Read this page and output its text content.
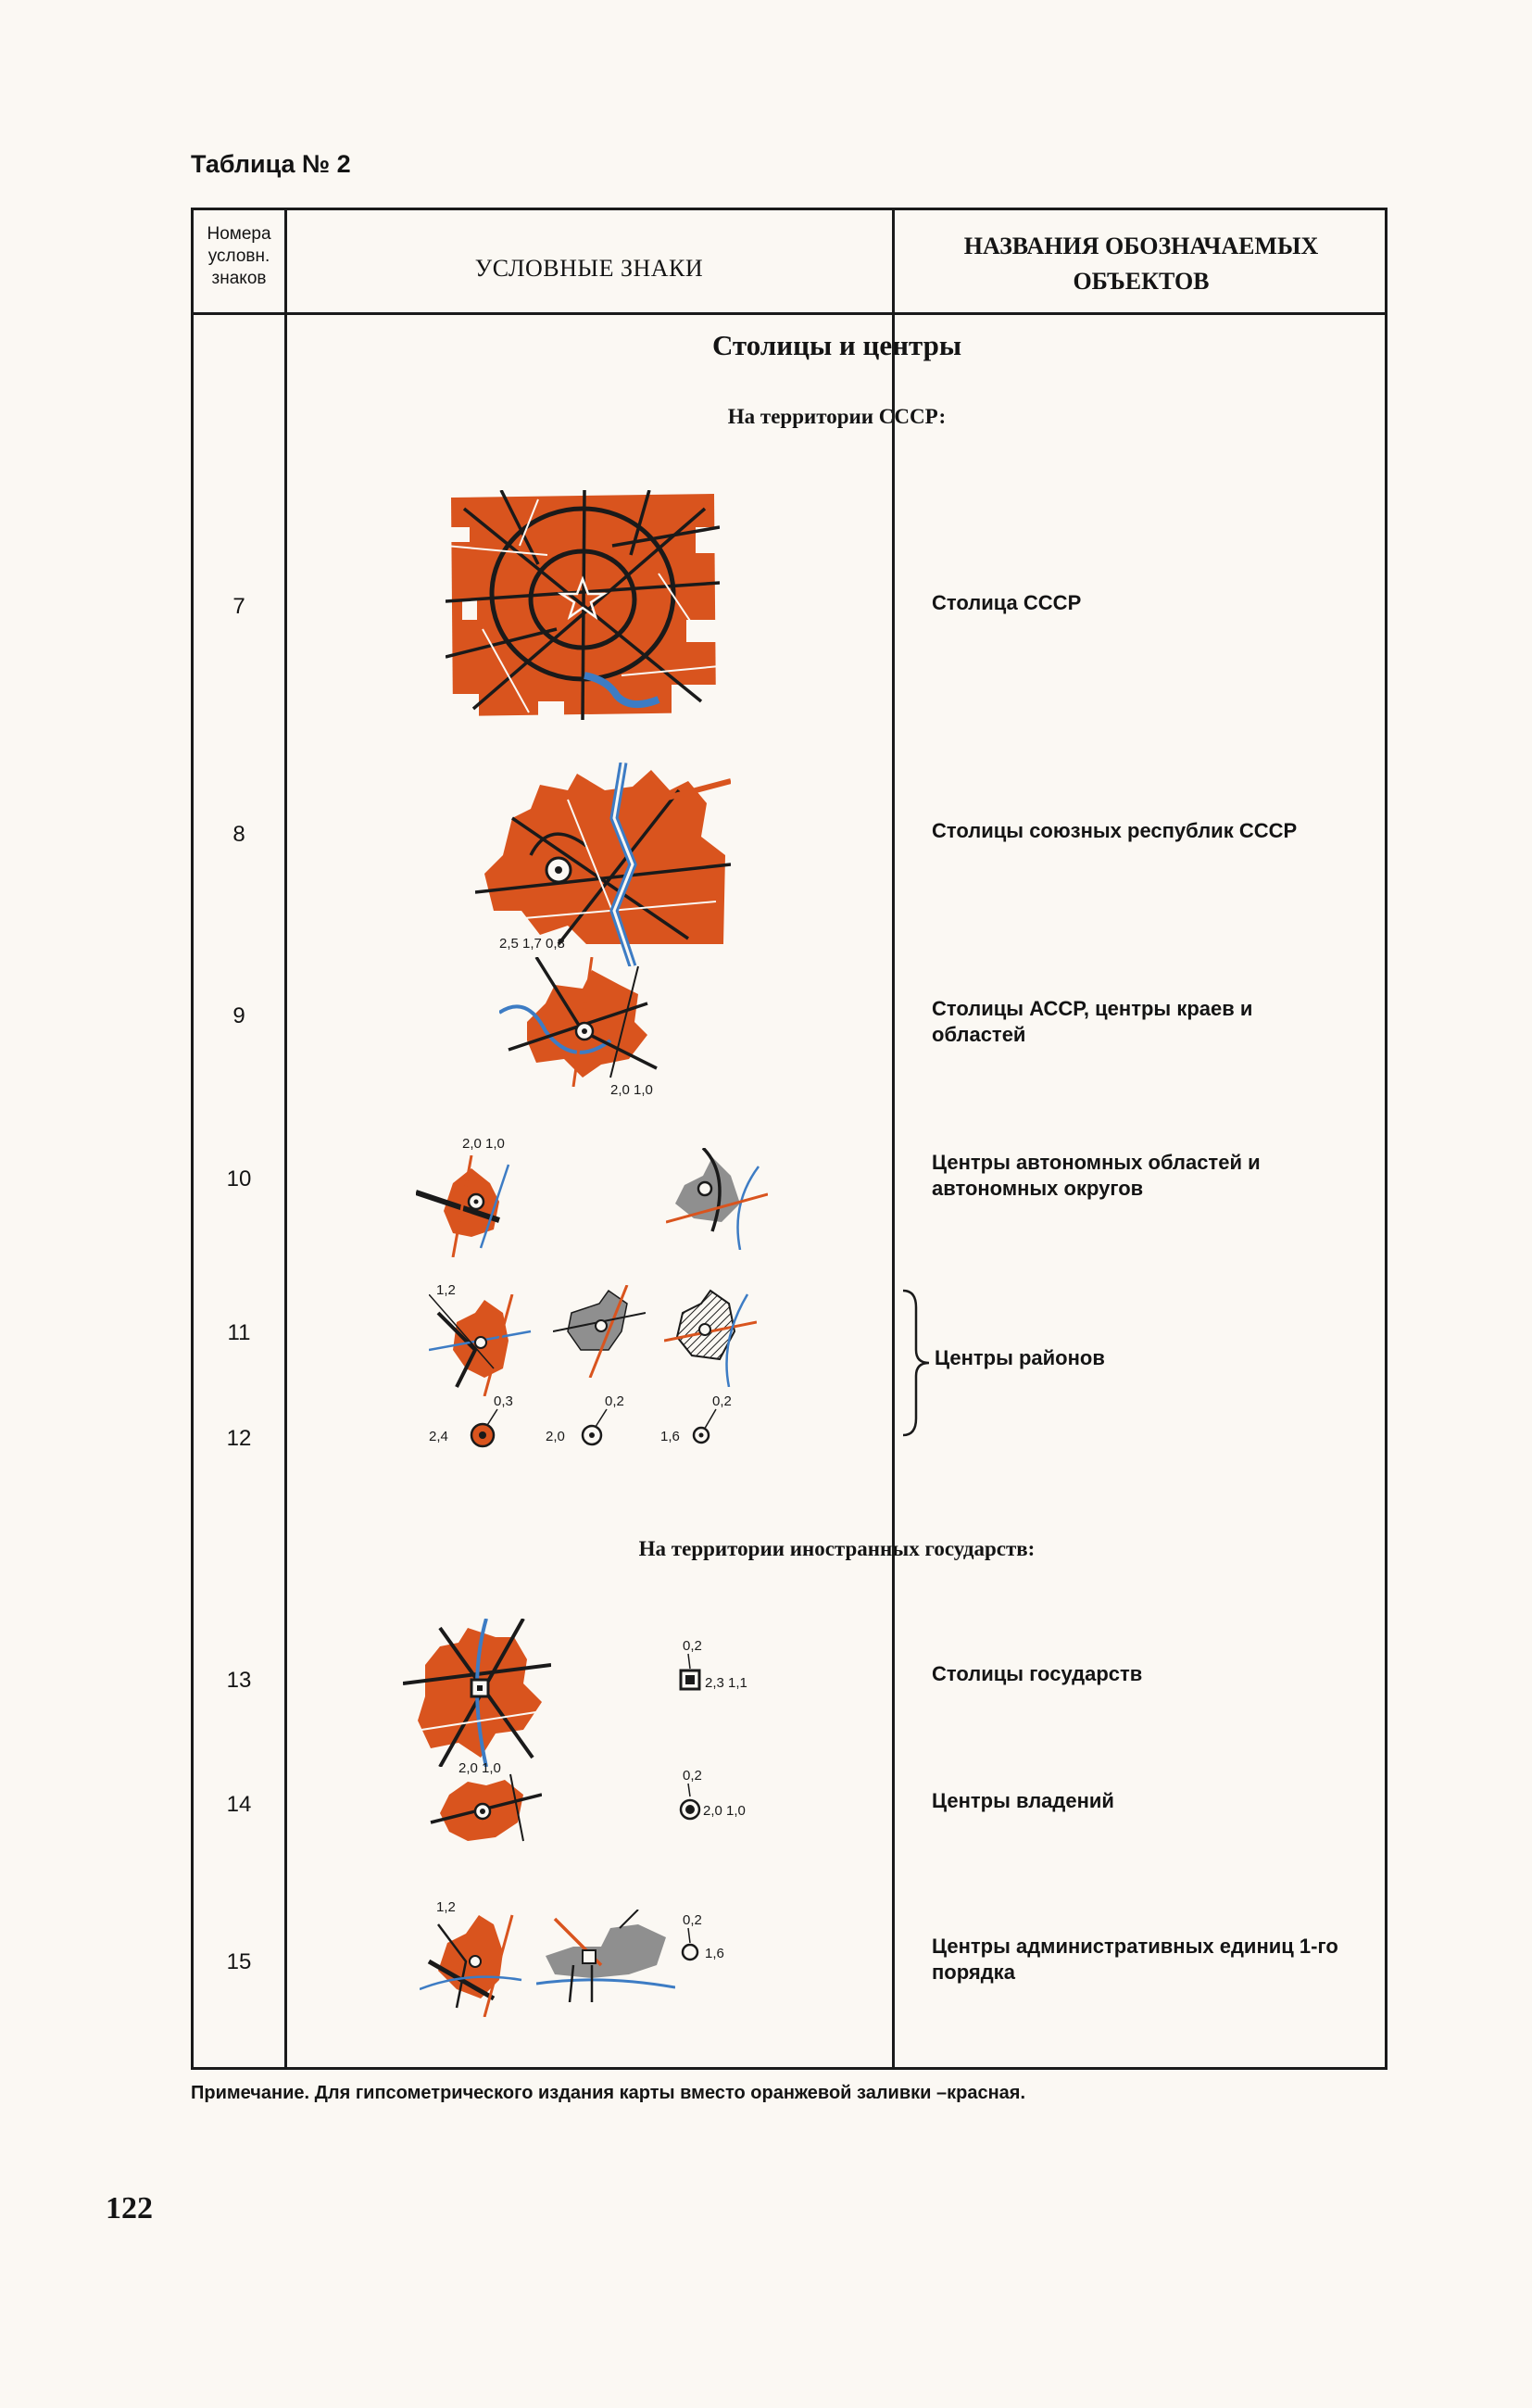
Таблица № 2
Номера условн. знаков	УСЛОВНЫЕ ЗНАКИ
НАЗВАНИЯ ОБОЗНАЧАЕМЫХ ОБЪЕКТОВ
Столицы и центры
На территории СССР:
На территории иностранных государств:
7
8
9
10
11
12
13
14
15
Столица СССР
Столицы союзных республик СССР
Столицы АССР, центры краев и областей
Центры автономных областей и автономных округов
Центры районов
Столицы государств
Центры владений
Центры административных единиц 1-го порядка
2,5 1,7 0,8
2,0 1,0
2,0 1,0
1,2
0,3
2,4
0,2
2,0
0,2
1,6
2,0 1,0
0,2
2,3 1,1
0,2
2,0 1,0
1,2
0,2
1,6
Примечание. Для гипсометрического издания карты вместо оранжевой заливки –красная.
122
